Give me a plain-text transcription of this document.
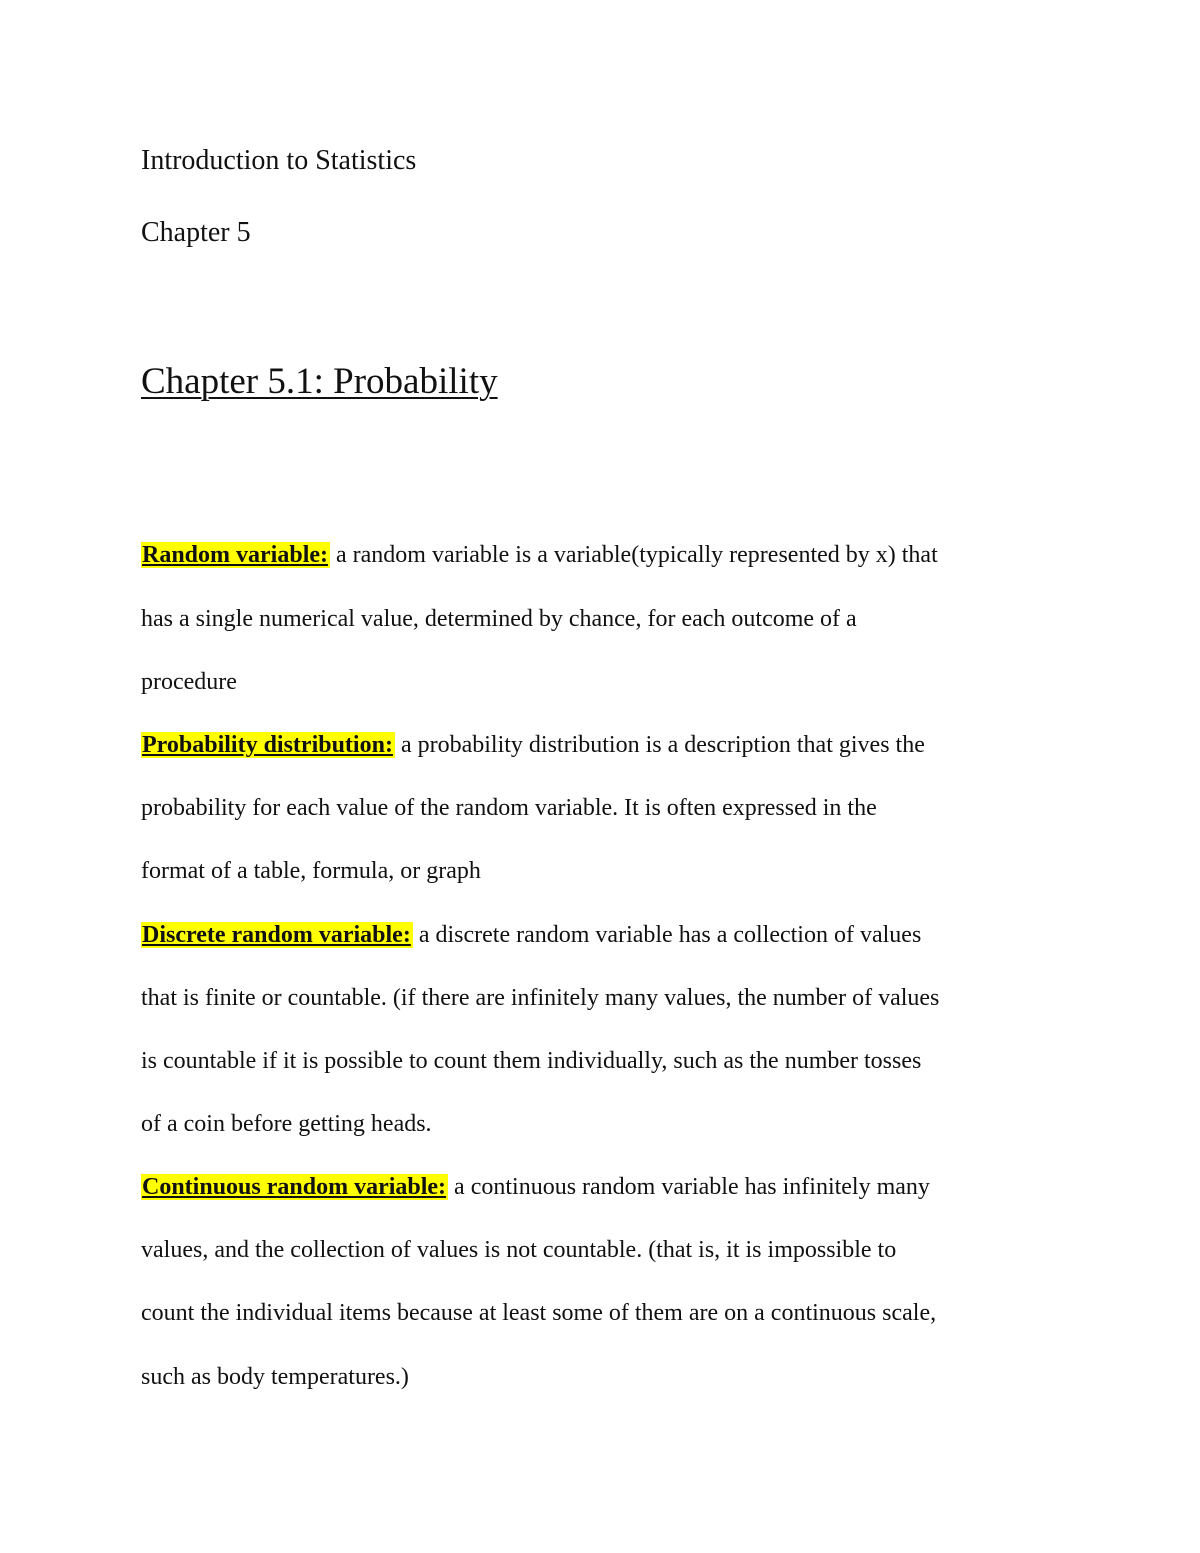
Introduction to Statistics

Chapter 5

Chapter 5.1: Probability

Random variable: a random variable is a variable(typically represented by x) that

has a single numerical value, determined by chance, for each outcome of a

procedure

Probability distribution: a probability distribution is a description that gives the

probability for each value of the random variable. It is often expressed in the

format of a table, formula, or graph

Discrete random variable: a discrete random variable has a collection of values

that is finite or countable. (if there are infinitely many values, the number of values

is countable if it is possible to count them individually, such as the number tosses

of a coin before getting heads.

Continuous random variable: a continuous random variable has infinitely many

values, and the collection of values is not countable. (that is, it is impossible to

count the individual items because at least some of them are on a continuous scale,

such as body temperatures.)
